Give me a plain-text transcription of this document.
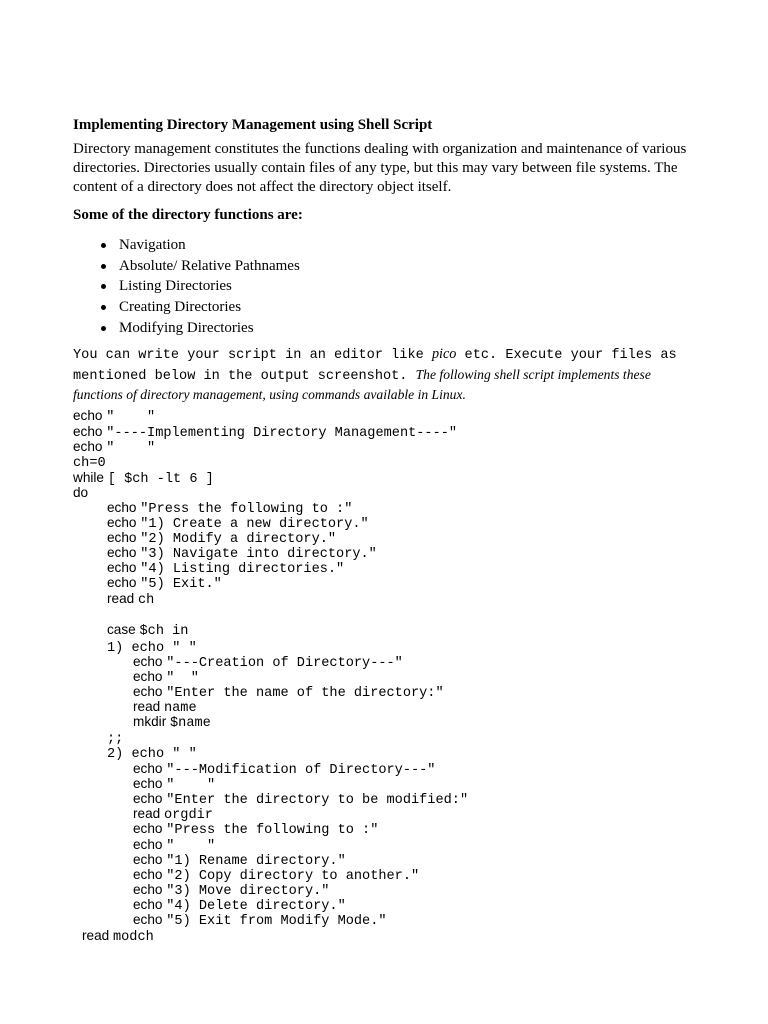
Implementing Directory Management using Shell Script

Directory management constitutes the functions dealing with organization and maintenance of various directories. Directories usually contain files of any type, but this may vary between file systems. The content of a directory does not affect the directory object itself.

Some of the directory functions are:

Navigation
Absolute/ Relative Pathnames
Listing Directories
Creating Directories
Modifying Directories

You can write your script in an editor like pico etc. Execute your files as mentioned below in the output screenshot. The following shell script implements these functions of directory management, using commands available in Linux.

echo "    "
echo "----Implementing Directory Management----"
echo "    "
ch=0
while [ $ch -lt 6 ]
do
echo "Press the following to :"
echo "1) Create a new directory."
echo "2) Modify a directory."
echo "3) Navigate into directory."
echo "4) Listing directories."
echo "5) Exit."
read ch
case $ch in
1) echo " "
echo "---Creation of Directory---"
echo "  "
echo "Enter the name of the directory:"
read name
mkdir $name
;;
2) echo " "
echo "---Modification of Directory---"
echo "    "
echo "Enter the directory to be modified:"
read orgdir
echo "Press the following to :"
echo "    "
echo "1) Rename directory."
echo "2) Copy directory to another."
echo "3) Move directory."
echo "4) Delete directory."
echo "5) Exit from Modify Mode."
read modch
